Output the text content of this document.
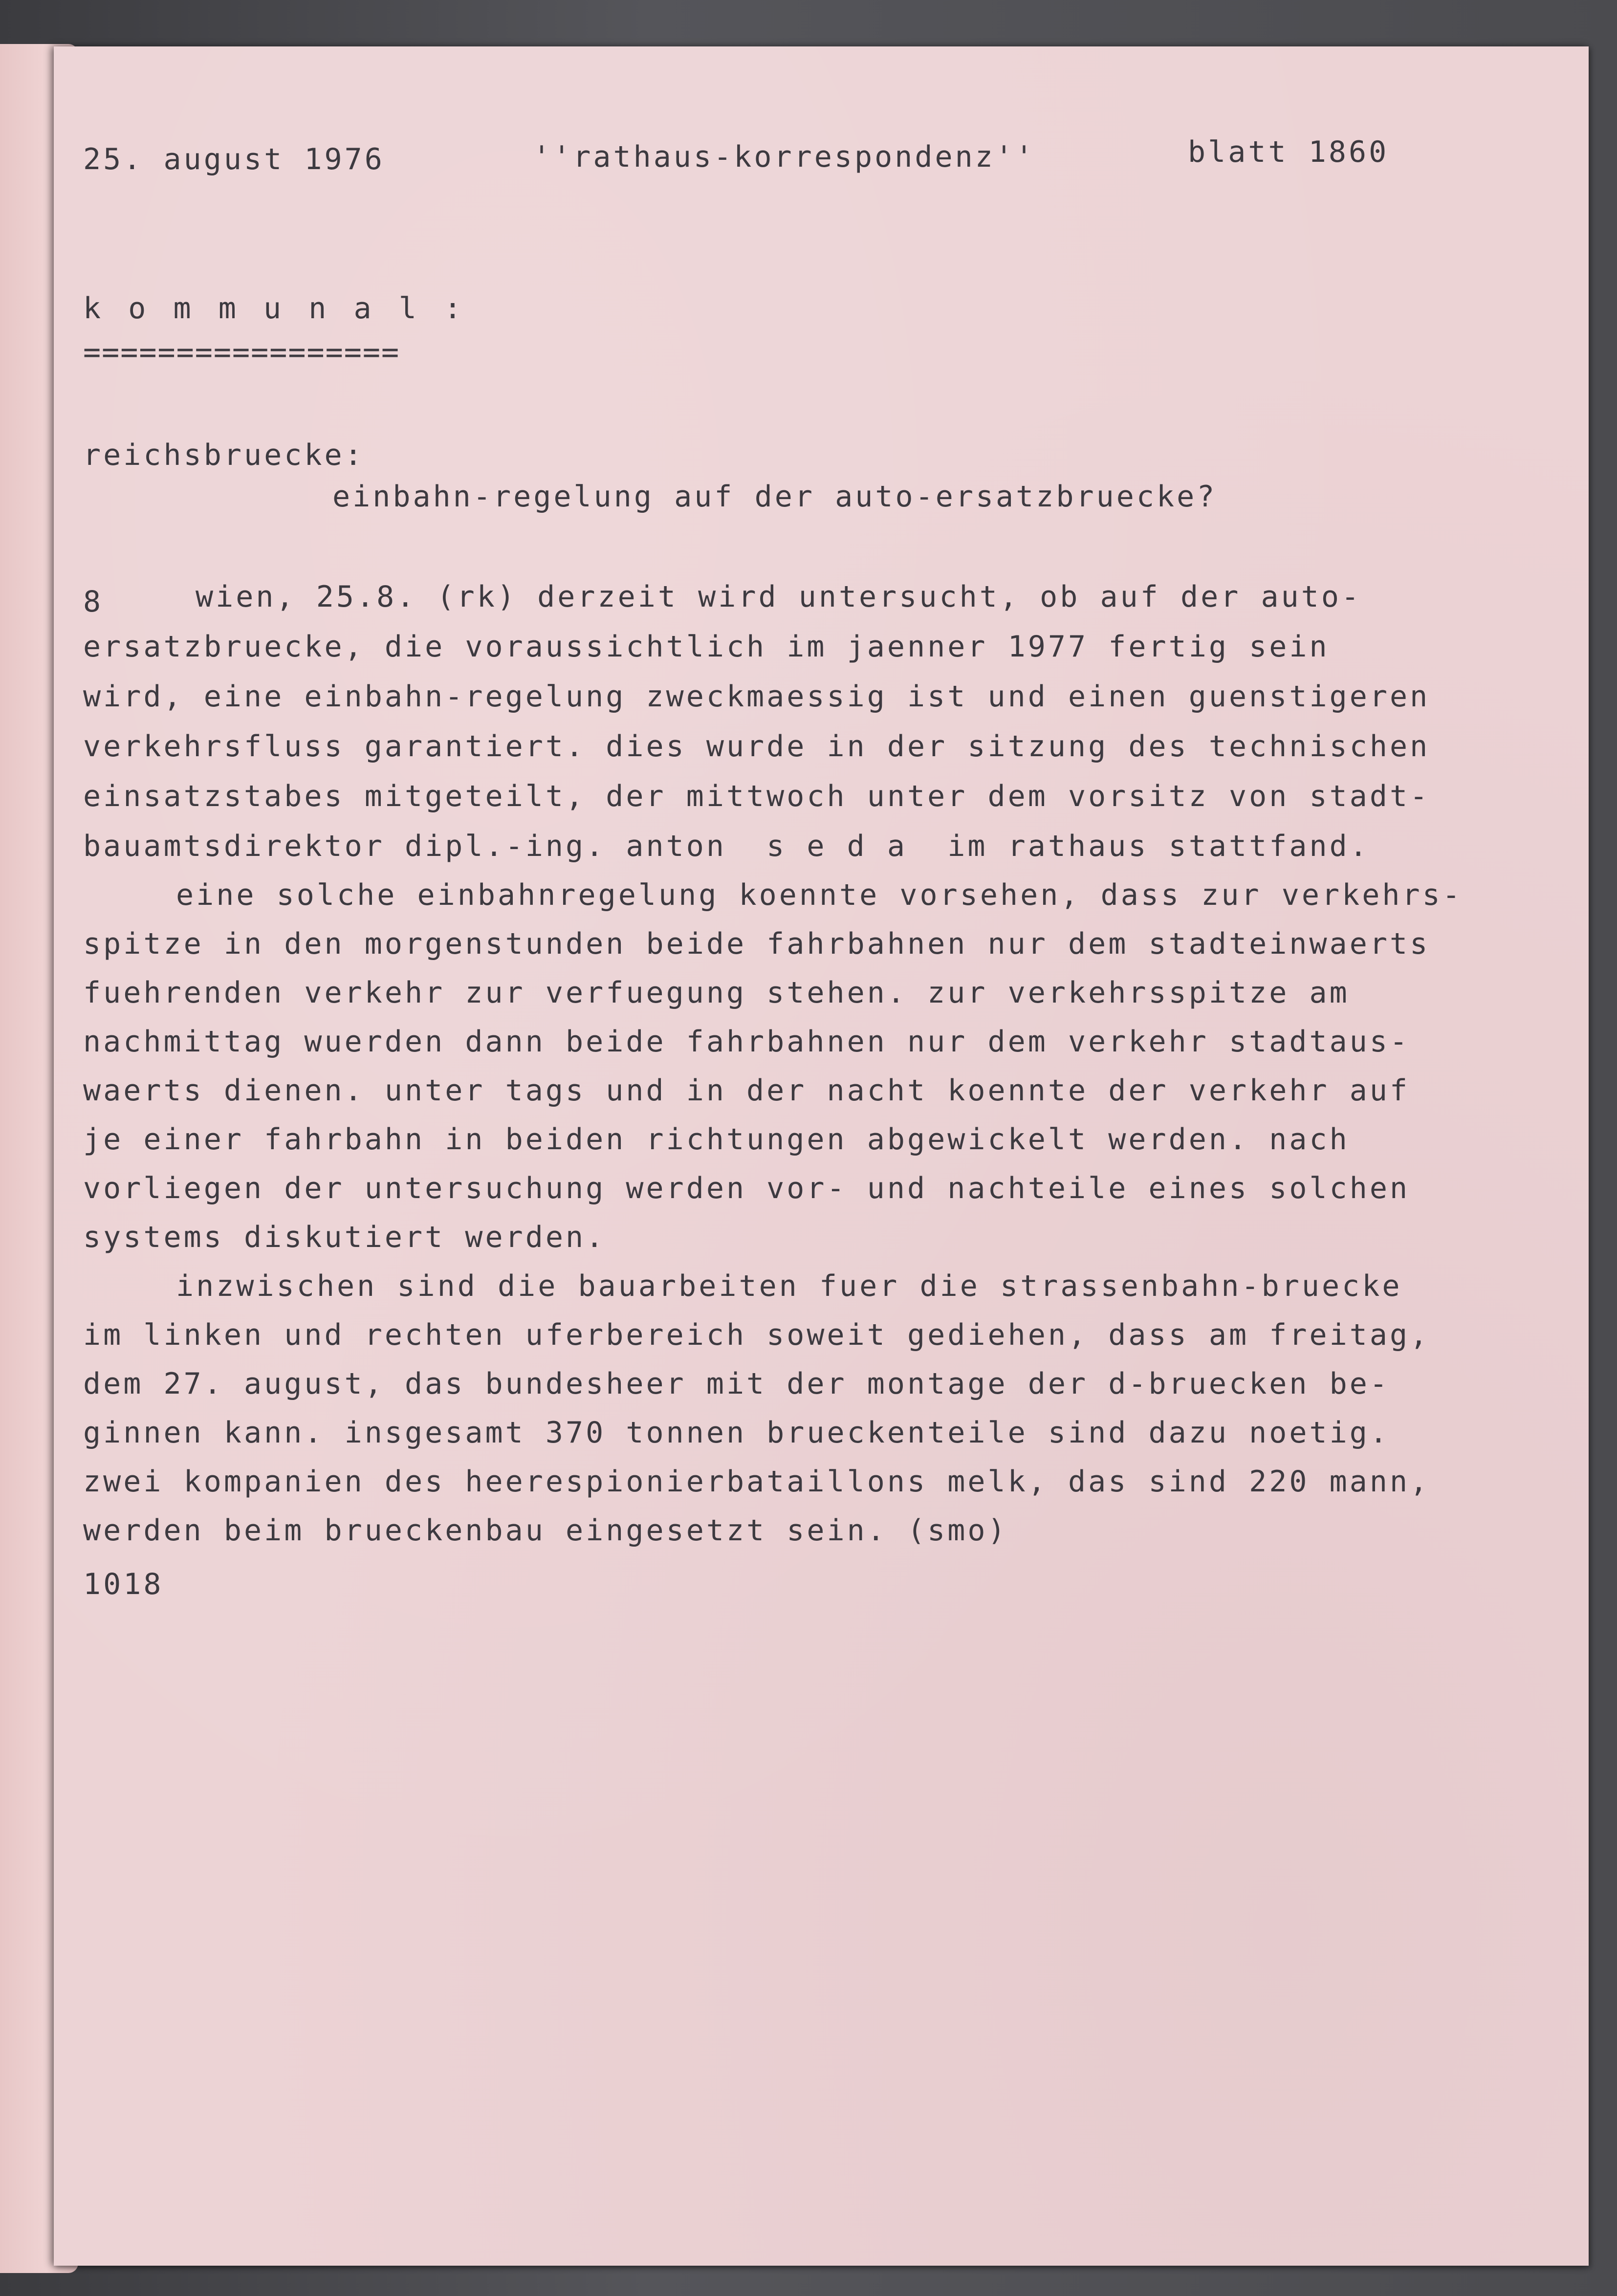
25. august 1976	''rathaus-korrespondenz''	blatt 1860
k o m m u n a l :
=================
reichsbruecke:
einbahn-regelung auf der auto-ersatzbruecke?
8	wien, 25.8. (rk) derzeit wird untersucht, ob auf der auto-
ersatzbruecke, die voraussichtlich im jaenner 1977 fertig sein
wird, eine einbahn-regelung zweckmaessig ist und einen guenstigeren
verkehrsfluss garantiert. dies wurde in der sitzung des technischen
einsatzstabes mitgeteilt, der mittwoch unter dem vorsitz von stadt-
bauamtsdirektor dipl.-ing. anton  s e d a  im rathaus stattfand.
eine solche einbahnregelung koennte vorsehen, dass zur verkehrs-
spitze in den morgenstunden beide fahrbahnen nur dem stadteinwaerts
fuehrenden verkehr zur verfuegung stehen. zur verkehrsspitze am
nachmittag wuerden dann beide fahrbahnen nur dem verkehr stadtaus-
waerts dienen. unter tags und in der nacht koennte der verkehr auf
je einer fahrbahn in beiden richtungen abgewickelt werden. nach
vorliegen der untersuchung werden vor- und nachteile eines solchen
systems diskutiert werden.
inzwischen sind die bauarbeiten fuer die strassenbahn-bruecke
im linken und rechten uferbereich soweit gediehen, dass am freitag,
dem 27. august, das bundesheer mit der montage der d-bruecken be-
ginnen kann. insgesamt 370 tonnen brueckenteile sind dazu noetig.
zwei kompanien des heerespionierbataillons melk, das sind 220 mann,
werden beim brueckenbau eingesetzt sein. (smo)
1018
